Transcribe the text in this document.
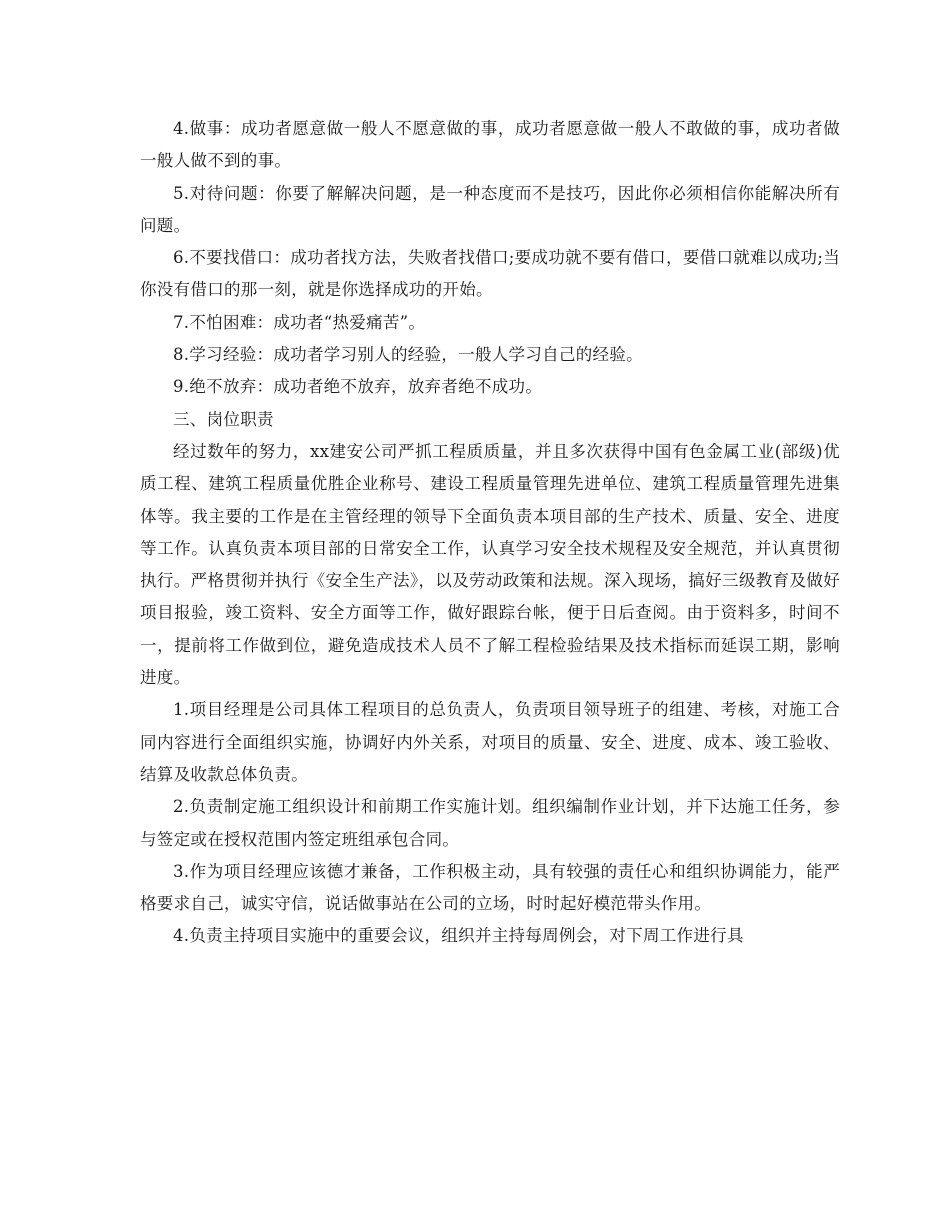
4.做事：成功者愿意做一般人不愿意做的事，成功者愿意做一般人不敢做的事，成功者做一般人做不到的事。

5.对待问题：你要了解解决问题，是一种态度而不是技巧，因此你必须相信你能解决所有问题。

6.不要找借口：成功者找方法，失败者找借口;要成功就不要有借口，要借口就难以成功;当你没有借口的那一刻，就是你选择成功的开始。

7.不怕困难：成功者“热爱痛苦”。

8.学习经验：成功者学习别人的经验，一般人学习自己的经验。

9.绝不放弃：成功者绝不放弃，放弃者绝不成功。

三、岗位职责

经过数年的努力，xx建安公司严抓工程质质量，并且多次获得中国有色金属工业(部级)优质工程、建筑工程质量优胜企业称号、建设工程质量管理先进单位、建筑工程质量管理先进集体等。我主要的工作是在主管经理的领导下全面负责本项目部的生产技术、质量、安全、进度等工作。认真负责本项目部的日常安全工作，认真学习安全技术规程及安全规范，并认真贯彻执行。严格贯彻并执行《安全生产法》，以及劳动政策和法规。深入现场，搞好三级教育及做好项目报验，竣工资料、安全方面等工作，做好跟踪台帐，便于日后查阅。由于资料多，时间不一，提前将工作做到位，避免造成技术人员不了解工程检验结果及技术指标而延误工期，影响进度。

1.项目经理是公司具体工程项目的总负责人，负责项目领导班子的组建、考核，对施工合同内容进行全面组织实施，协调好内外关系，对项目的质量、安全、进度、成本、竣工验收、结算及收款总体负责。

2.负责制定施工组织设计和前期工作实施计划。组织编制作业计划，并下达施工任务，参与签定或在授权范围内签定班组承包合同。

3.作为项目经理应该德才兼备，工作积极主动，具有较强的责任心和组织协调能力，能严格要求自己，诚实守信，说话做事站在公司的立场，时时起好模范带头作用。

4.负责主持项目实施中的重要会议，组织并主持每周例会，对下周工作进行具
